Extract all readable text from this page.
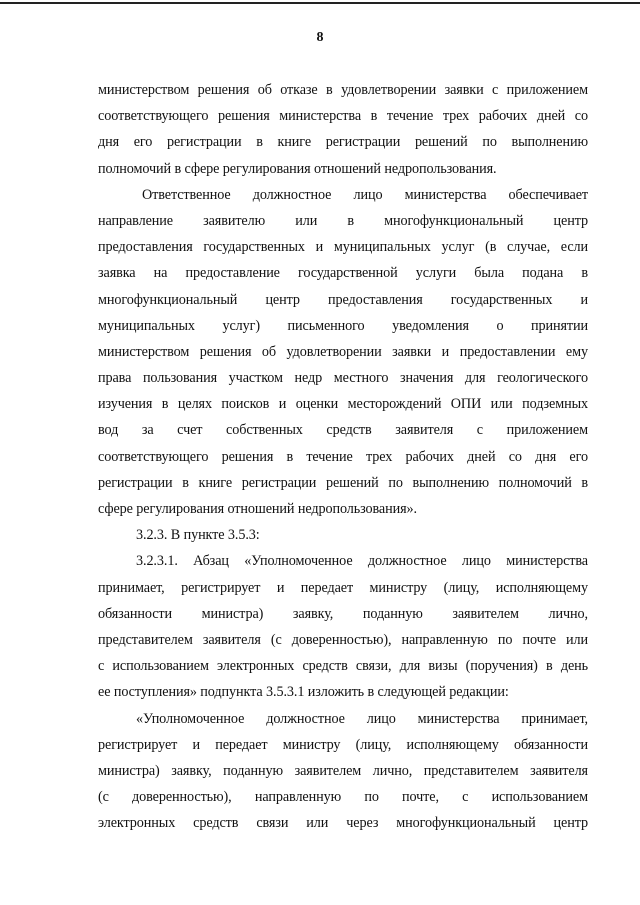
8
министерством решения об отказе в удовлетворении заявки с приложением
соответствующего решения министерства в течение трех рабочих дней со
дня его регистрации в книге регистрации решений по выполнению
полномочий в сфере регулирования отношений недропользования.
Ответственное должностное лицо министерства обеспечивает
направление заявителю или в многофункциональный центр
предоставления государственных и муниципальных услуг (в случае, если
заявка на предоставление государственной услуги была подана в
многофункциональный центр предоставления государственных и
муниципальных услуг) письменного уведомления о принятии
министерством решения об удовлетворении заявки и предоставлении ему
права пользования участком недр местного значения для геологического
изучения в целях поисков и оценки месторождений ОПИ или подземных
вод за счет собственных средств заявителя с приложением
соответствующего решения в течение трех рабочих дней со дня его
регистрации в книге регистрации решений по выполнению полномочий в
сфере регулирования отношений недропользования».
3.2.3. В пункте 3.5.3:
3.2.3.1. Абзац «Уполномоченное должностное лицо министерства
принимает, регистрирует и передает министру (лицу, исполняющему
обязанности министра) заявку, поданную заявителем лично,
представителем заявителя (с доверенностью), направленную по почте или
с использованием электронных средств связи, для визы (поручения) в день
ее поступления» подпункта 3.5.3.1 изложить в следующей редакции:
«Уполномоченное должностное лицо министерства принимает,
регистрирует и передает министру (лицу, исполняющему обязанности
министра) заявку, поданную заявителем лично, представителем заявителя
(с доверенностью), направленную по почте, с использованием
электронных средств связи или через многофункциональный центр
